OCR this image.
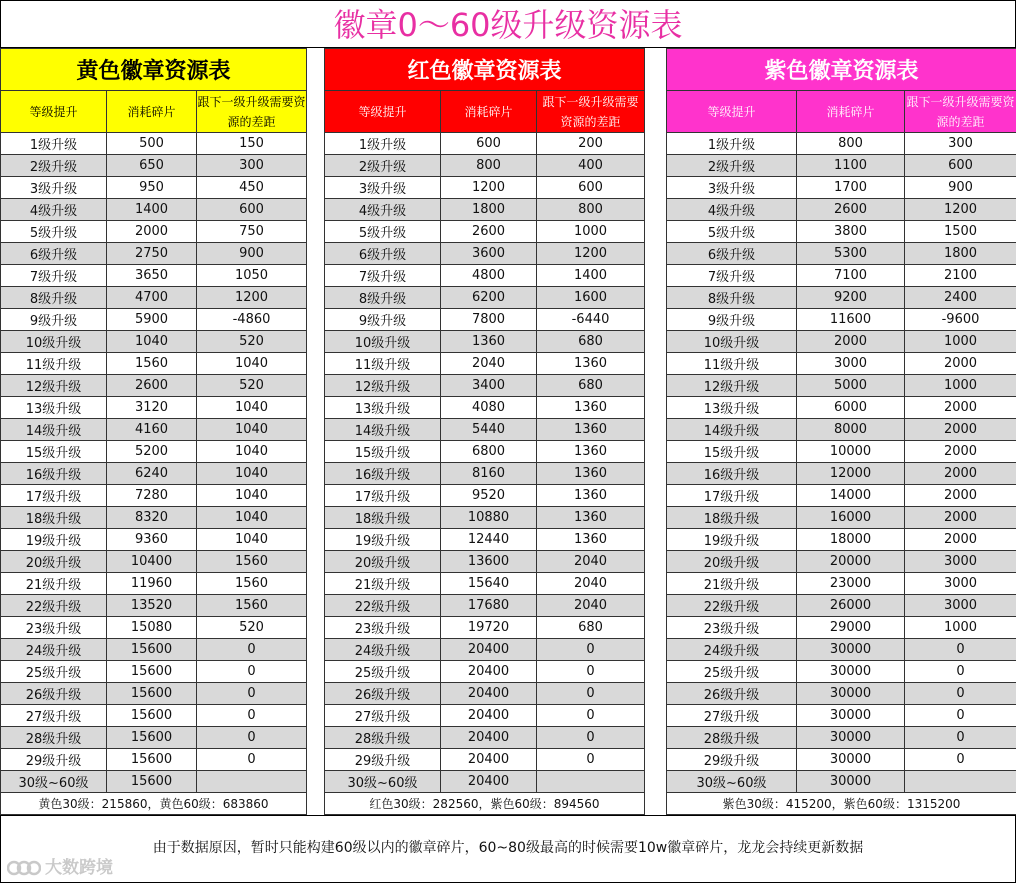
徽章0～60级升级资源表
黄色徽章资源表		
等级提升	消耗碎片	跟下一级升级需要资源的差距
1级升级	500	150
2级升级	650	300
3级升级	950	450
4级升级	1400	600
5级升级	2000	750
6级升级	2750	900
7级升级	3650	1050
8级升级	4700	1200
9级升级	5900	-4860
10级升级	1040	520
11级升级	1560	1040
12级升级	2600	520
13级升级	3120	1040
14级升级	4160	1040
15级升级	5200	1040
16级升级	6240	1040
17级升级	7280	1040
18级升级	8320	1040
19级升级	9360	1040
20级升级	10400	1560
21级升级	11960	1560
22级升级	13520	1560
23级升级	15080	520
24级升级	15600	0
25级升级	15600	0
26级升级	15600	0
27级升级	15600	0
28级升级	15600	0
29级升级	15600	0
30级~60级	15600	
黄色30级：215860，黄色60级：683860		
红色徽章资源表		
等级提升	消耗碎片	跟下一级升级需要资源的差距
1级升级	600	200
2级升级	800	400
3级升级	1200	600
4级升级	1800	800
5级升级	2600	1000
6级升级	3600	1200
7级升级	4800	1400
8级升级	6200	1600
9级升级	7800	-6440
10级升级	1360	680
11级升级	2040	1360
12级升级	3400	680
13级升级	4080	1360
14级升级	5440	1360
15级升级	6800	1360
16级升级	8160	1360
17级升级	9520	1360
18级升级	10880	1360
19级升级	12440	1360
20级升级	13600	2040
21级升级	15640	2040
22级升级	17680	2040
23级升级	19720	680
24级升级	20400	0
25级升级	20400	0
26级升级	20400	0
27级升级	20400	0
28级升级	20400	0
29级升级	20400	0
30级~60级	20400	
红色30级：282560，紫色60级：894560		
紫色徽章资源表		
等级提升	消耗碎片	跟下一级升级需要资源的差距
1级升级	800	300
2级升级	1100	600
3级升级	1700	900
4级升级	2600	1200
5级升级	3800	1500
6级升级	5300	1800
7级升级	7100	2100
8级升级	9200	2400
9级升级	11600	-9600
10级升级	2000	1000
11级升级	3000	2000
12级升级	5000	1000
13级升级	6000	2000
14级升级	8000	2000
15级升级	10000	2000
16级升级	12000	2000
17级升级	14000	2000
18级升级	16000	2000
19级升级	18000	2000
20级升级	20000	3000
21级升级	23000	3000
22级升级	26000	3000
23级升级	29000	1000
24级升级	30000	0
25级升级	30000	0
26级升级	30000	0
27级升级	30000	0
28级升级	30000	0
29级升级	30000	0
30级~60级	30000	
紫色30级：415200，紫色60级：1315200		
由于数据原因，暂时只能构建60级以内的徽章碎片，60~80级最高的时候需要10w徽章碎片，龙龙会持续更新数据
大数跨境
